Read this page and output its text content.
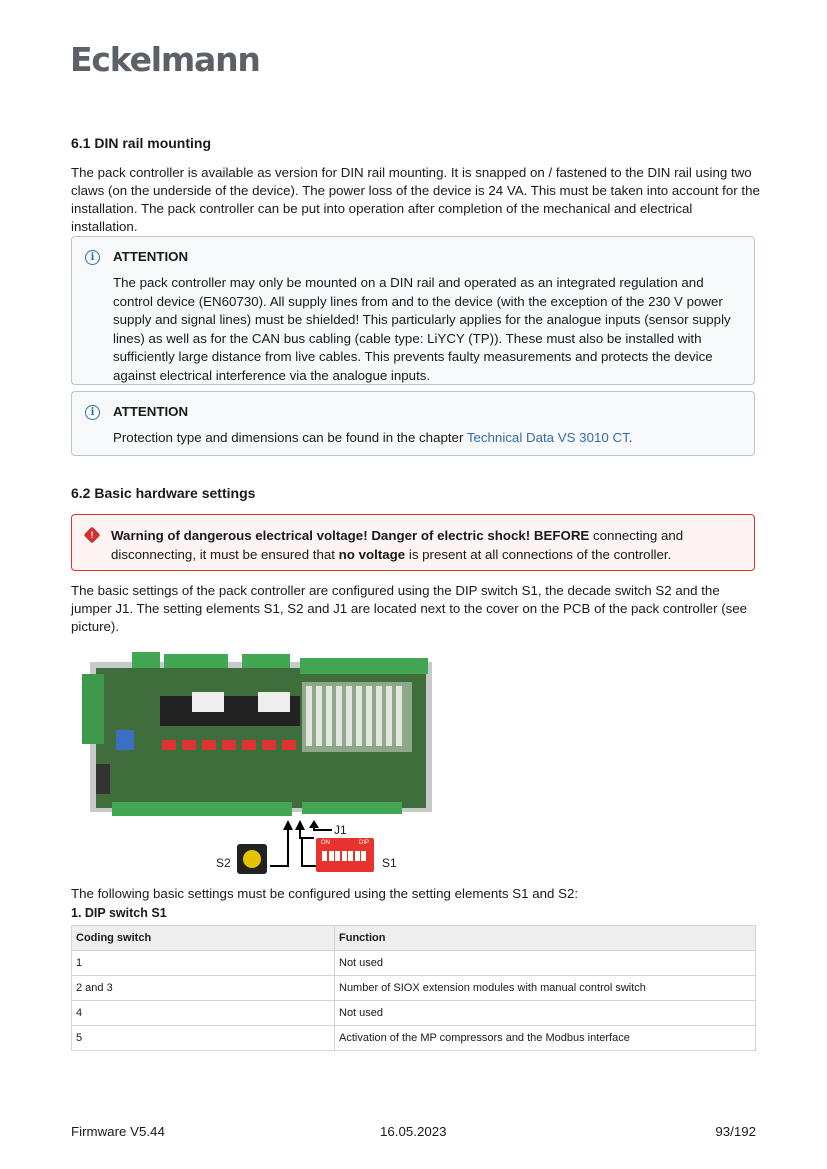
Eckelmann
6.1 DIN rail mounting

The pack controller is available as version for DIN rail mounting. It is snapped on / fastened to the DIN rail using two claws (on the underside of the device). The power loss of the device is 24 VA. This must be taken into account for the installation. The pack controller can be put into operation after completion of the mechanical and electrical installation.

i	ATTENTION
The pack controller may only be mounted on a DIN rail and operated as an integrated regulation and control device (EN60730). All supply lines from and to the device (with the exception of the 230 V power supply and signal lines) must be shielded! This particularly applies for the analogue inputs (sensor supply lines) as well as for the CAN bus cabling (cable type: LiYCY (TP)). These must also be installed with sufficiently large distance from live cables. This prevents faulty measurements and protects the device against electrical interference via the analogue inputs.
i	ATTENTION
Protection type and dimensions can be found in the chapter Technical Data VS 3010 CT.
6.2 Basic hardware settings
!	Warning of dangerous electrical voltage! Danger of electric shock! BEFORE connecting and disconnecting, it must be ensured that no voltage is present at all connections of the controller.

The basic settings of the pack controller are configured using the DIP switch S1, the decade switch S2 and the jumper J1. The setting elements S1, S2 and J1 are located next to the cover on the PCB of the pack controller (see picture).

J1
S2
ON	DIP
S1

The following basic settings must be configured using the setting elements S1 and S2:

1. DIP switch S1
Coding switch	Function
1	Not used
2 and 3	Number of SIOX extension modules with manual control switch
4	Not used
5	Activation of the MP compressors and the Modbus interface
Firmware V5.44	16.05.2023	93/192
